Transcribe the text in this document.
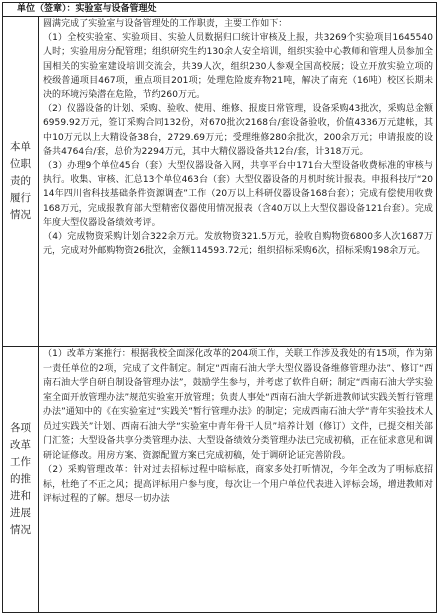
单位（签章）：实验室与设备管理处
本单位职责的履行情况

圆满完成了实验室与设备管理处的工作职责，主要工作如下：

（1）全校实验室、实验项目、实验人员数据归口统计审核及上报，共3269个实验项目1645540人时；实验用房分配管理；组织研究生约130余人安全培训，组织实验中心教师和管理人员参加全国相关的实验室建设培训交流会，共39人次，组织230人参观全国高校展；设立开放实验立项的校级普通项目467项，重点项目201项；处理危险废弃物21吨，解决了南充（16吨）校区长期未决的环境污染潜在危险，节约260万元。

（2）仪器设备的计划、采购、验收、使用、维修、报废日常管理，设备采购43批次，采购总金额6959.92万元，签订采购合同132份，对670批次2168台/套设备验收，价值4336万元建帐，其中10万元以上大精设备38台，2729.69万元；受理维修280余批次，200余万元；申请报废的设备共4764台/套，总价为2294万元，其中大精仪器设备共12台/套，计318万元。

（3）办理9个单位45台（套）大型仪器设备入网，共享平台中171台大型设备收费标准的审核与执行。收集、审核、汇总13个单位463台（套）大型仪器设备的月机时统计报表。申报科技厅“2014年四川省科技基础条件资源调查”工作（20万以上科研仪器设备168台套）；完成有偿使用收费168万元，完成报教育部大型精密仪器使用情况报表（含40万以上大型仪器设备121台套）。完成年度大型仪器设备绩效考评。

（4）完成物资采购计划合322余万元。发放物资321.5万元，验收自购物资6800多人次1687万元，完成对外邮购物资26批次，金额114593.72元；组织招标采购6次，招标采购198余万元。

各项改革工作的推进和进展情况

（1）改革方案推行：根据我校全面深化改革的204项工作，关联工作涉及我处的有15项，作为第一责任单位的2项，完成了文件制定。制定“西南石油大学大型仪器设备维修管理办法”、修订“西南石油大学自研自制设备管理办法”，鼓励学生参与，并考虑了软件自研；制定“西南石油大学实验室全面开放管理办法”规范实验室开放管理；负责人事处“西南石油大学新进教师试实践关暂行管理办法”通知中的《在实验室过“实践关”暂行管理办法》的制定；完成西南石油大学“青年实验技术人员过实践关”计划、西南石油大学“实验室中青年骨干人员”培养计划（修订）文件，已提交相关部门汇签；大型设备共享分类管理办法、大型设备绩效分类管理办法已完成初稿，正在征求意见和调研论证修改。用房方案、资源配置方案已完成初稿，处于调研论证完善阶段。

（2）采购管理改革：针对过去招标过程中暗标底，商家多处打听情况，今年全改为了明标底招标，杜绝了不正之风；提高评标用户参与度，每次让一个用户单位代表进入评标会场，增进教师对评标过程的了解。想尽一切办法
